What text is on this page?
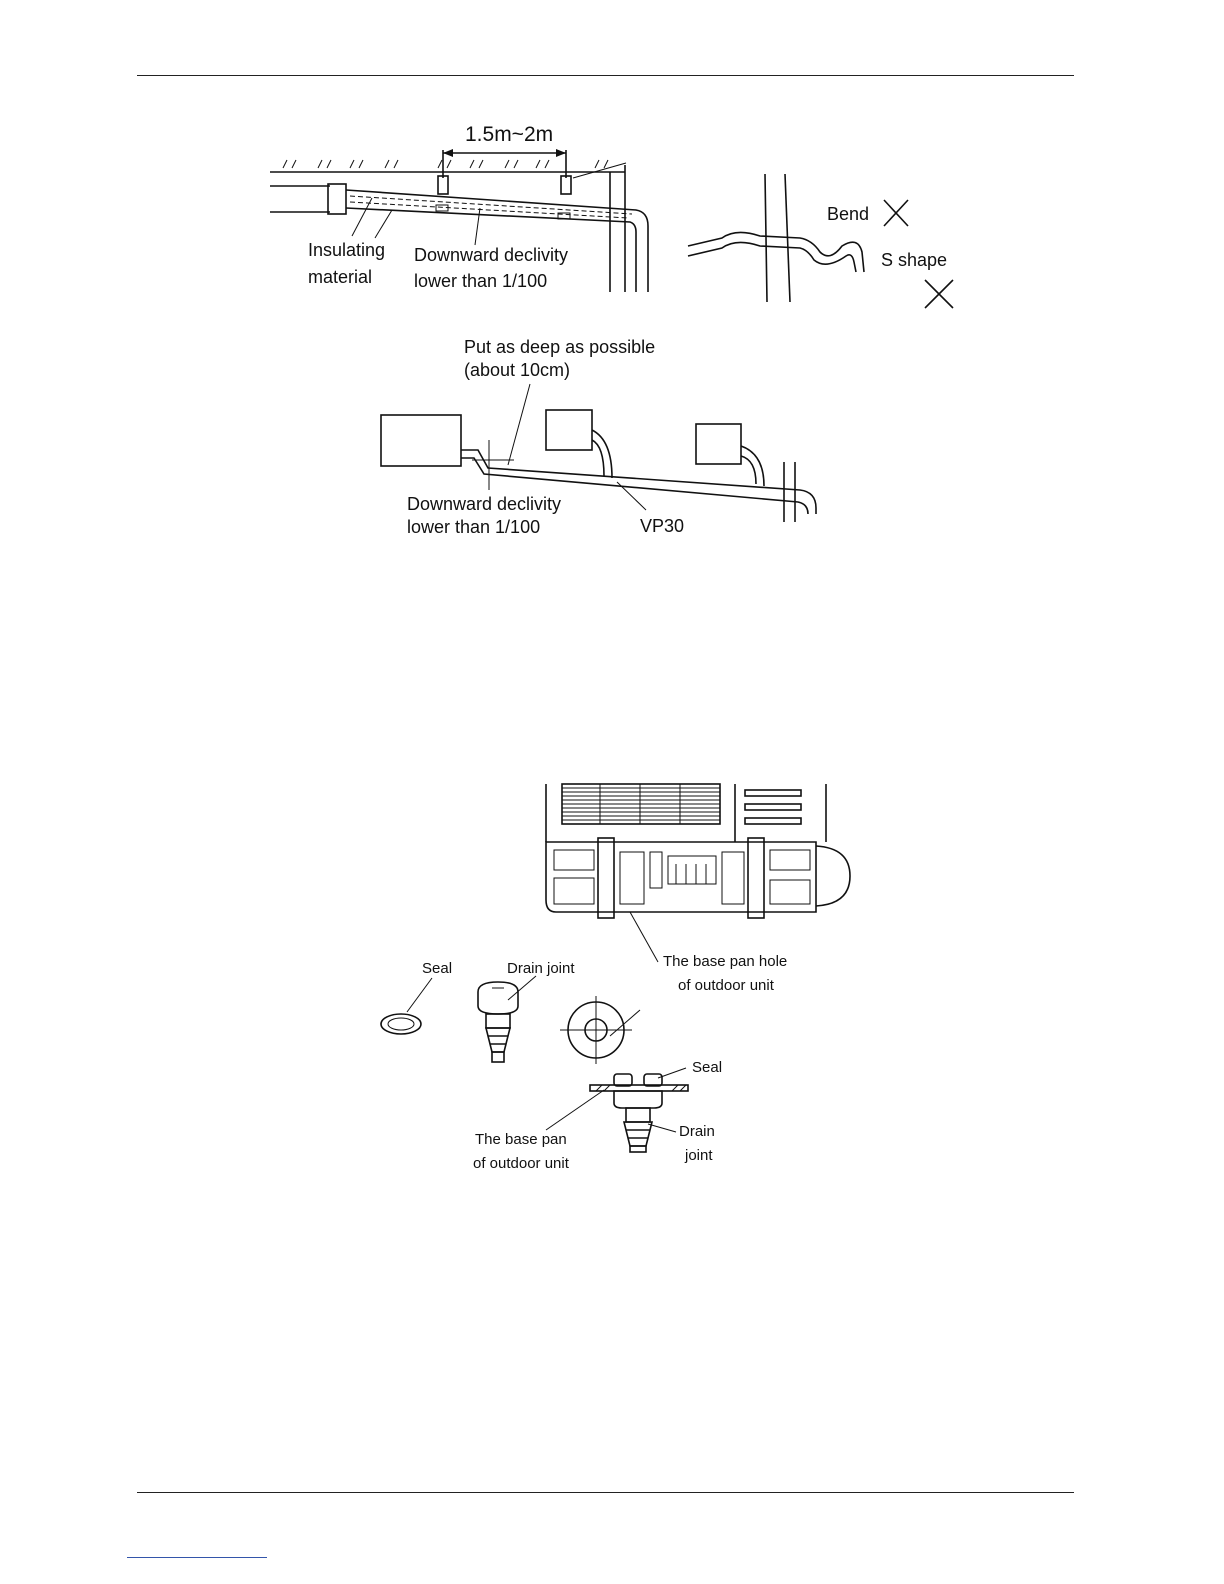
1.5m~2m
Insulating
material
Downward declivity
lower than 1/100
Bend
S shape
Put as deep as possible
(about 10cm)
Downward declivity
lower than 1/100	VP30
The base pan hole
of outdoor unit
Seal	Drain joint
Seal
The base pan
of outdoor unit
Drain
joint
